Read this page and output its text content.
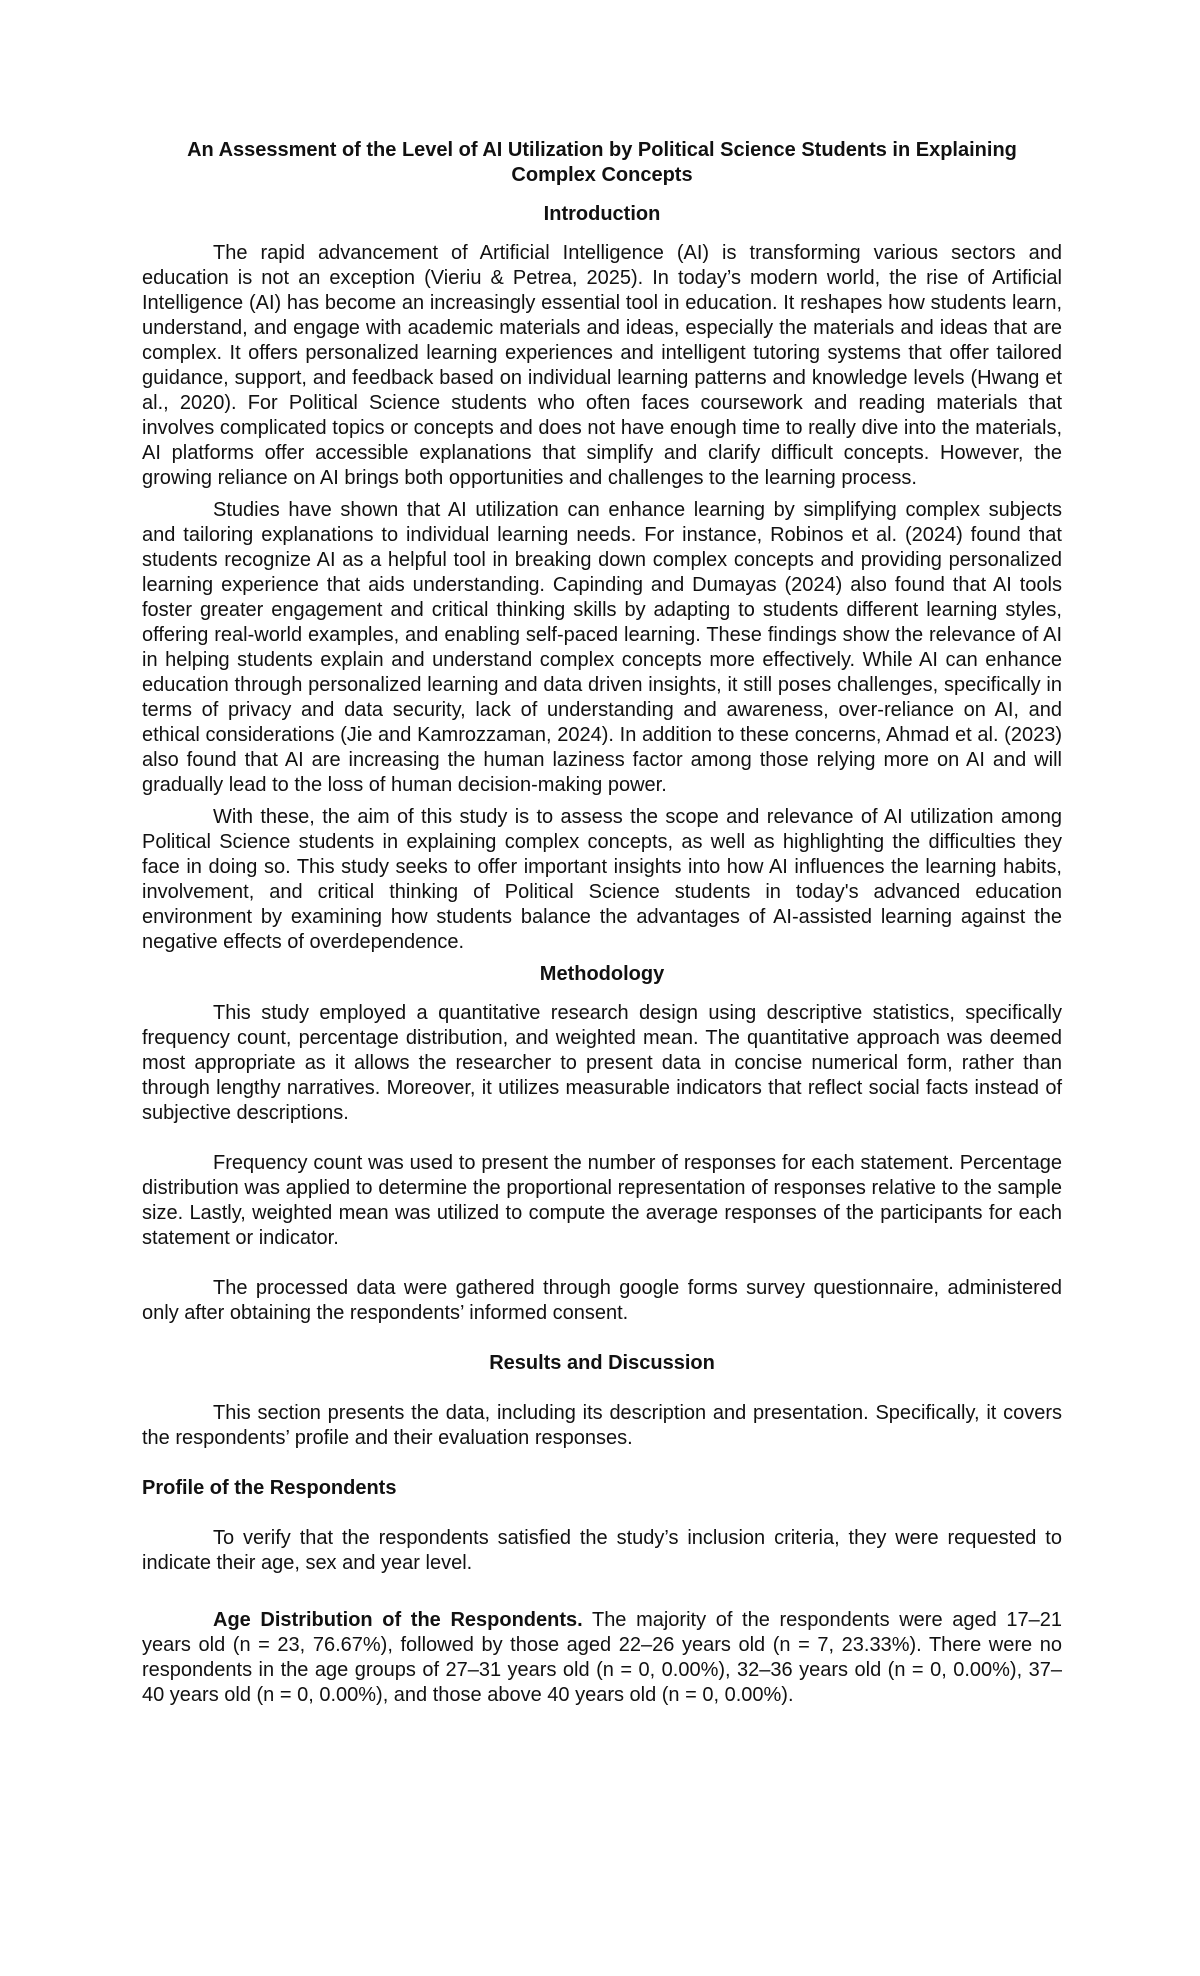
An Assessment of the Level of AI Utilization by Political Science Students in Explaining Complex Concepts
Introduction

The rapid advancement of Artificial Intelligence (AI) is transforming various sectors and education is not an exception (Vieriu & Petrea, 2025). In today’s modern world, the rise of Artificial Intelligence (AI) has become an increasingly essential tool in education. It reshapes how students learn, understand, and engage with academic materials and ideas, especially the materials and ideas that are complex. It offers personalized learning experiences and intelligent tutoring systems that offer tailored guidance, support, and feedback based on individual learning patterns and knowledge levels (Hwang et al., 2020). For Political Science students who often faces coursework and reading materials that involves complicated topics or concepts and does not have enough time to really dive into the materials, AI platforms offer accessible explanations that simplify and clarify difficult concepts. However, the growing reliance on AI brings both opportunities and challenges to the learning process.

Studies have shown that AI utilization can enhance learning by simplifying complex subjects and tailoring explanations to individual learning needs. For instance, Robinos et al. (2024) found that students recognize AI as a helpful tool in breaking down complex concepts and providing personalized learning experience that aids understanding. Capinding and Dumayas (2024) also found that AI tools foster greater engagement and critical thinking skills by adapting to students different learning styles, offering real-world examples, and enabling self-paced learning. These findings show the relevance of AI in helping students explain and understand complex concepts more effectively. While AI can enhance education through personalized learning and data driven insights, it still poses challenges, specifically in terms of privacy and data security, lack of understanding and awareness, over-reliance on AI, and ethical considerations (Jie and Kamrozzaman, 2024). In addition to these concerns, Ahmad et al. (2023) also found that AI are increasing the human laziness factor among those relying more on AI and will gradually lead to the loss of human decision-making power.

With these, the aim of this study is to assess the scope and relevance of AI utilization among Political Science students in explaining complex concepts, as well as highlighting the difficulties they face in doing so. This study seeks to offer important insights into how AI influences the learning habits, involvement, and critical thinking of Political Science students in today's advanced education environment by examining how students balance the advantages of AI-assisted learning against the negative effects of overdependence.

Methodology

This study employed a quantitative research design using descriptive statistics, specifically frequency count, percentage distribution, and weighted mean. The quantitative approach was deemed most appropriate as it allows the researcher to present data in concise numerical form, rather than through lengthy narratives. Moreover, it utilizes measurable indicators that reflect social facts instead of subjective descriptions.

Frequency count was used to present the number of responses for each statement. Percentage distribution was applied to determine the proportional representation of responses relative to the sample size. Lastly, weighted mean was utilized to compute the average responses of the participants for each statement or indicator.

The processed data were gathered through google forms survey questionnaire, administered only after obtaining the respondents’ informed consent.

Results and Discussion

This section presents the data, including its description and presentation. Specifically, it covers the respondents’ profile and their evaluation responses.

Profile of the Respondents

To verify that the respondents satisfied the study’s inclusion criteria, they were requested to indicate their age, sex and year level.

Age Distribution of the Respondents. The majority of the respondents were aged 17–21 years old (n = 23, 76.67%), followed by those aged 22–26 years old (n = 7, 23.33%). There were no respondents in the age groups of 27–31 years old (n = 0, 0.00%), 32–36 years old (n = 0, 0.00%), 37–40 years old (n = 0, 0.00%), and those above 40 years old (n = 0, 0.00%).
